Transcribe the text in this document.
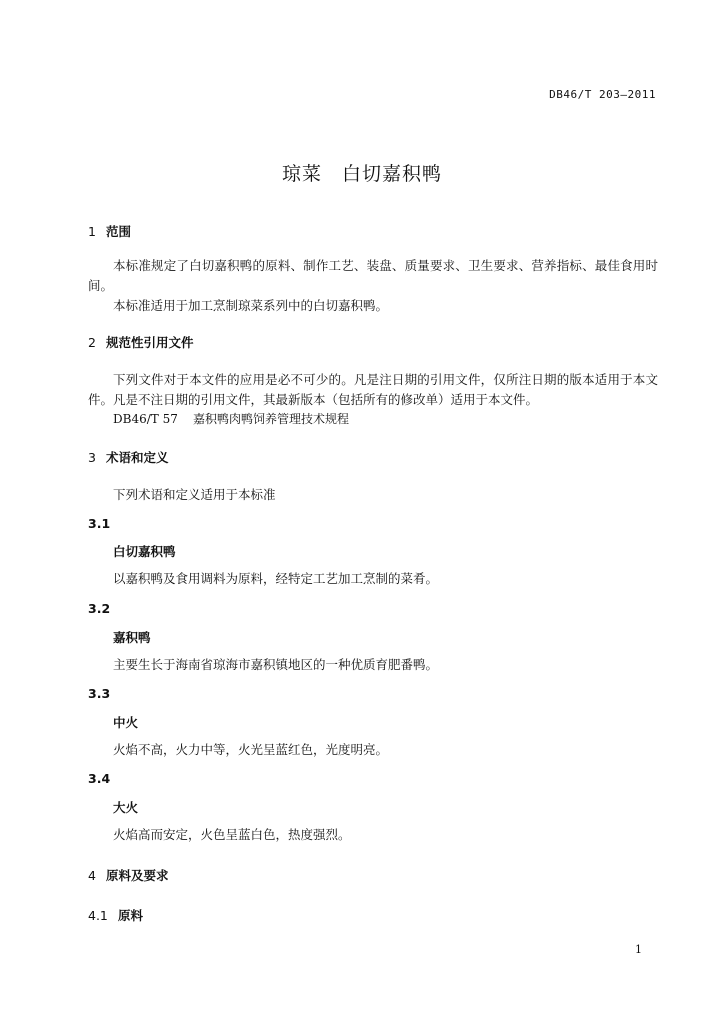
DB46/T 203—2011
琼菜　白切嘉积鸭
1 范围
本标准规定了白切嘉积鸭的原料、制作工艺、装盘、质量要求、卫生要求、营养指标、最佳食用时间。
本标准适用于加工烹制琼菜系列中的白切嘉积鸭。
2 规范性引用文件
下列文件对于本文件的应用是必不可少的。凡是注日期的引用文件，仅所注日期的版本适用于本文件。凡是不注日期的引用文件，其最新版本（包括所有的修改单）适用于本文件。
DB46/T 57 嘉积鸭肉鸭饲养管理技术规程
3 术语和定义
下列术语和定义适用于本标准
3.1
白切嘉积鸭
以嘉积鸭及食用调料为原料，经特定工艺加工烹制的菜肴。
3.2
嘉积鸭
主要生长于海南省琼海市嘉积镇地区的一种优质育肥番鸭。
3.3
中火
火焰不高，火力中等，火光呈蓝红色，光度明亮。
3.4
大火
火焰高而安定，火色呈蓝白色，热度强烈。
4 原料及要求
4.1 原料
1
